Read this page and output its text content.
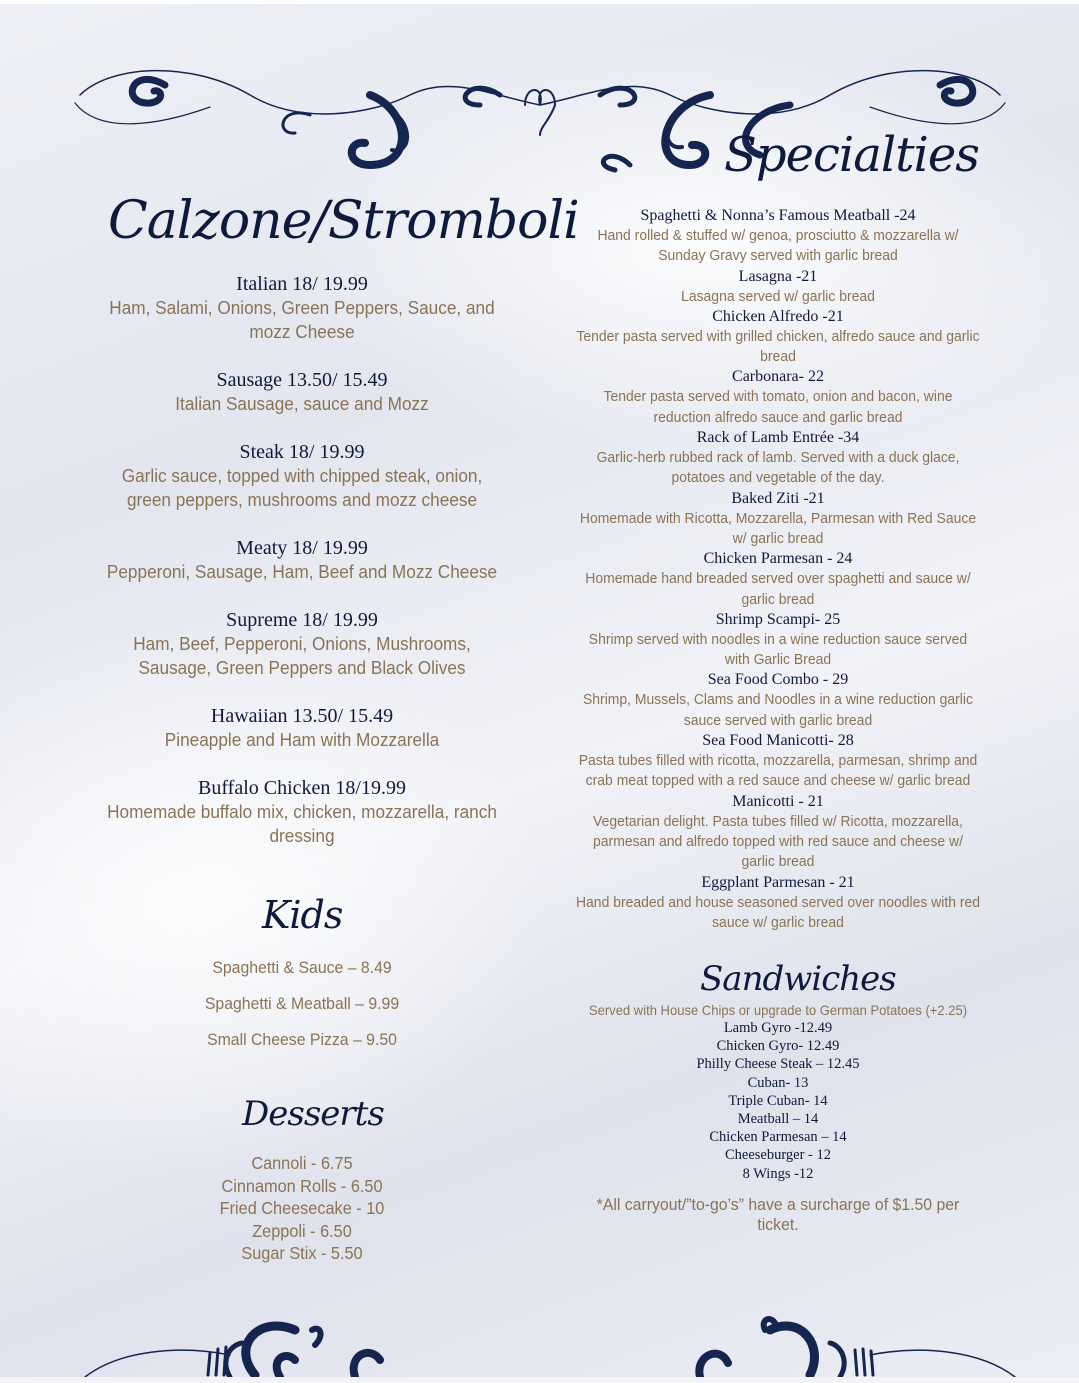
Calzone/Stromboli
Specialties
Kids
Desserts
Sandwiches
Italian 18/ 19.99
Ham, Salami, Onions, Green Peppers, Sauce, and mozz Cheese
Sausage 13.50/ 15.49
Italian Sausage, sauce and Mozz
Steak 18/ 19.99
Garlic sauce, topped with chipped steak, onion, green peppers, mushrooms and mozz cheese
Meaty 18/ 19.99
Pepperoni, Sausage, Ham, Beef and Mozz Cheese
Supreme 18/ 19.99
Ham, Beef, Pepperoni, Onions, Mushrooms, Sausage, Green Peppers and Black Olives
Hawaiian 13.50/ 15.49
Pineapple and Ham with Mozzarella
Buffalo Chicken 18/19.99
Homemade buffalo mix, chicken, mozzarella, ranch dressing
Spaghetti & Sauce – 8.49
Spaghetti & Meatball – 9.99
Small Cheese Pizza – 9.50
Cannoli - 6.75
Cinnamon Rolls - 6.50
Fried Cheesecake - 10
Zeppoli - 6.50
Sugar Stix - 5.50
Spaghetti & Nonna’s Famous Meatball -24
Hand rolled & stuffed w/ genoa, prosciutto & mozzarella w/ Sunday Gravy served with garlic bread
Lasagna -21
Lasagna served w/ garlic bread
Chicken Alfredo -21
Tender pasta served with grilled chicken, alfredo sauce and garlic bread
Carbonara- 22
Tender pasta served with tomato, onion and bacon, wine reduction alfredo sauce and garlic bread
Rack of Lamb Entrée -34
Garlic-herb rubbed rack of lamb. Served with a duck glace, potatoes and vegetable of the day.
Baked Ziti -21
Homemade with Ricotta, Mozzarella, Parmesan with Red Sauce w/ garlic bread
Chicken Parmesan - 24
Homemade hand breaded served over spaghetti and sauce w/ garlic bread
Shrimp Scampi- 25
Shrimp served with noodles in a wine reduction sauce served with Garlic Bread
Sea Food Combo - 29
Shrimp, Mussels, Clams and Noodles in a wine reduction garlic sauce served with garlic bread
Sea Food Manicotti- 28
Pasta tubes filled with ricotta, mozzarella, parmesan, shrimp and crab meat topped with a red sauce and cheese w/ garlic bread
Manicotti - 21
Vegetarian delight. Pasta tubes filled w/ Ricotta, mozzarella, parmesan and alfredo topped with red sauce and cheese w/ garlic bread
Eggplant Parmesan - 21
Hand breaded and house seasoned served over noodles with red sauce w/ garlic bread
Served with House Chips or upgrade to German Potatoes (+2.25)
Lamb Gyro -12.49
Chicken Gyro- 12.49
Philly Cheese Steak – 12.45
Cuban- 13
Triple Cuban- 14
Meatball – 14
Chicken Parmesan – 14
Cheeseburger - 12
8 Wings -12
*All carryout/”to-go’s” have a surcharge of $1.50 per ticket.
